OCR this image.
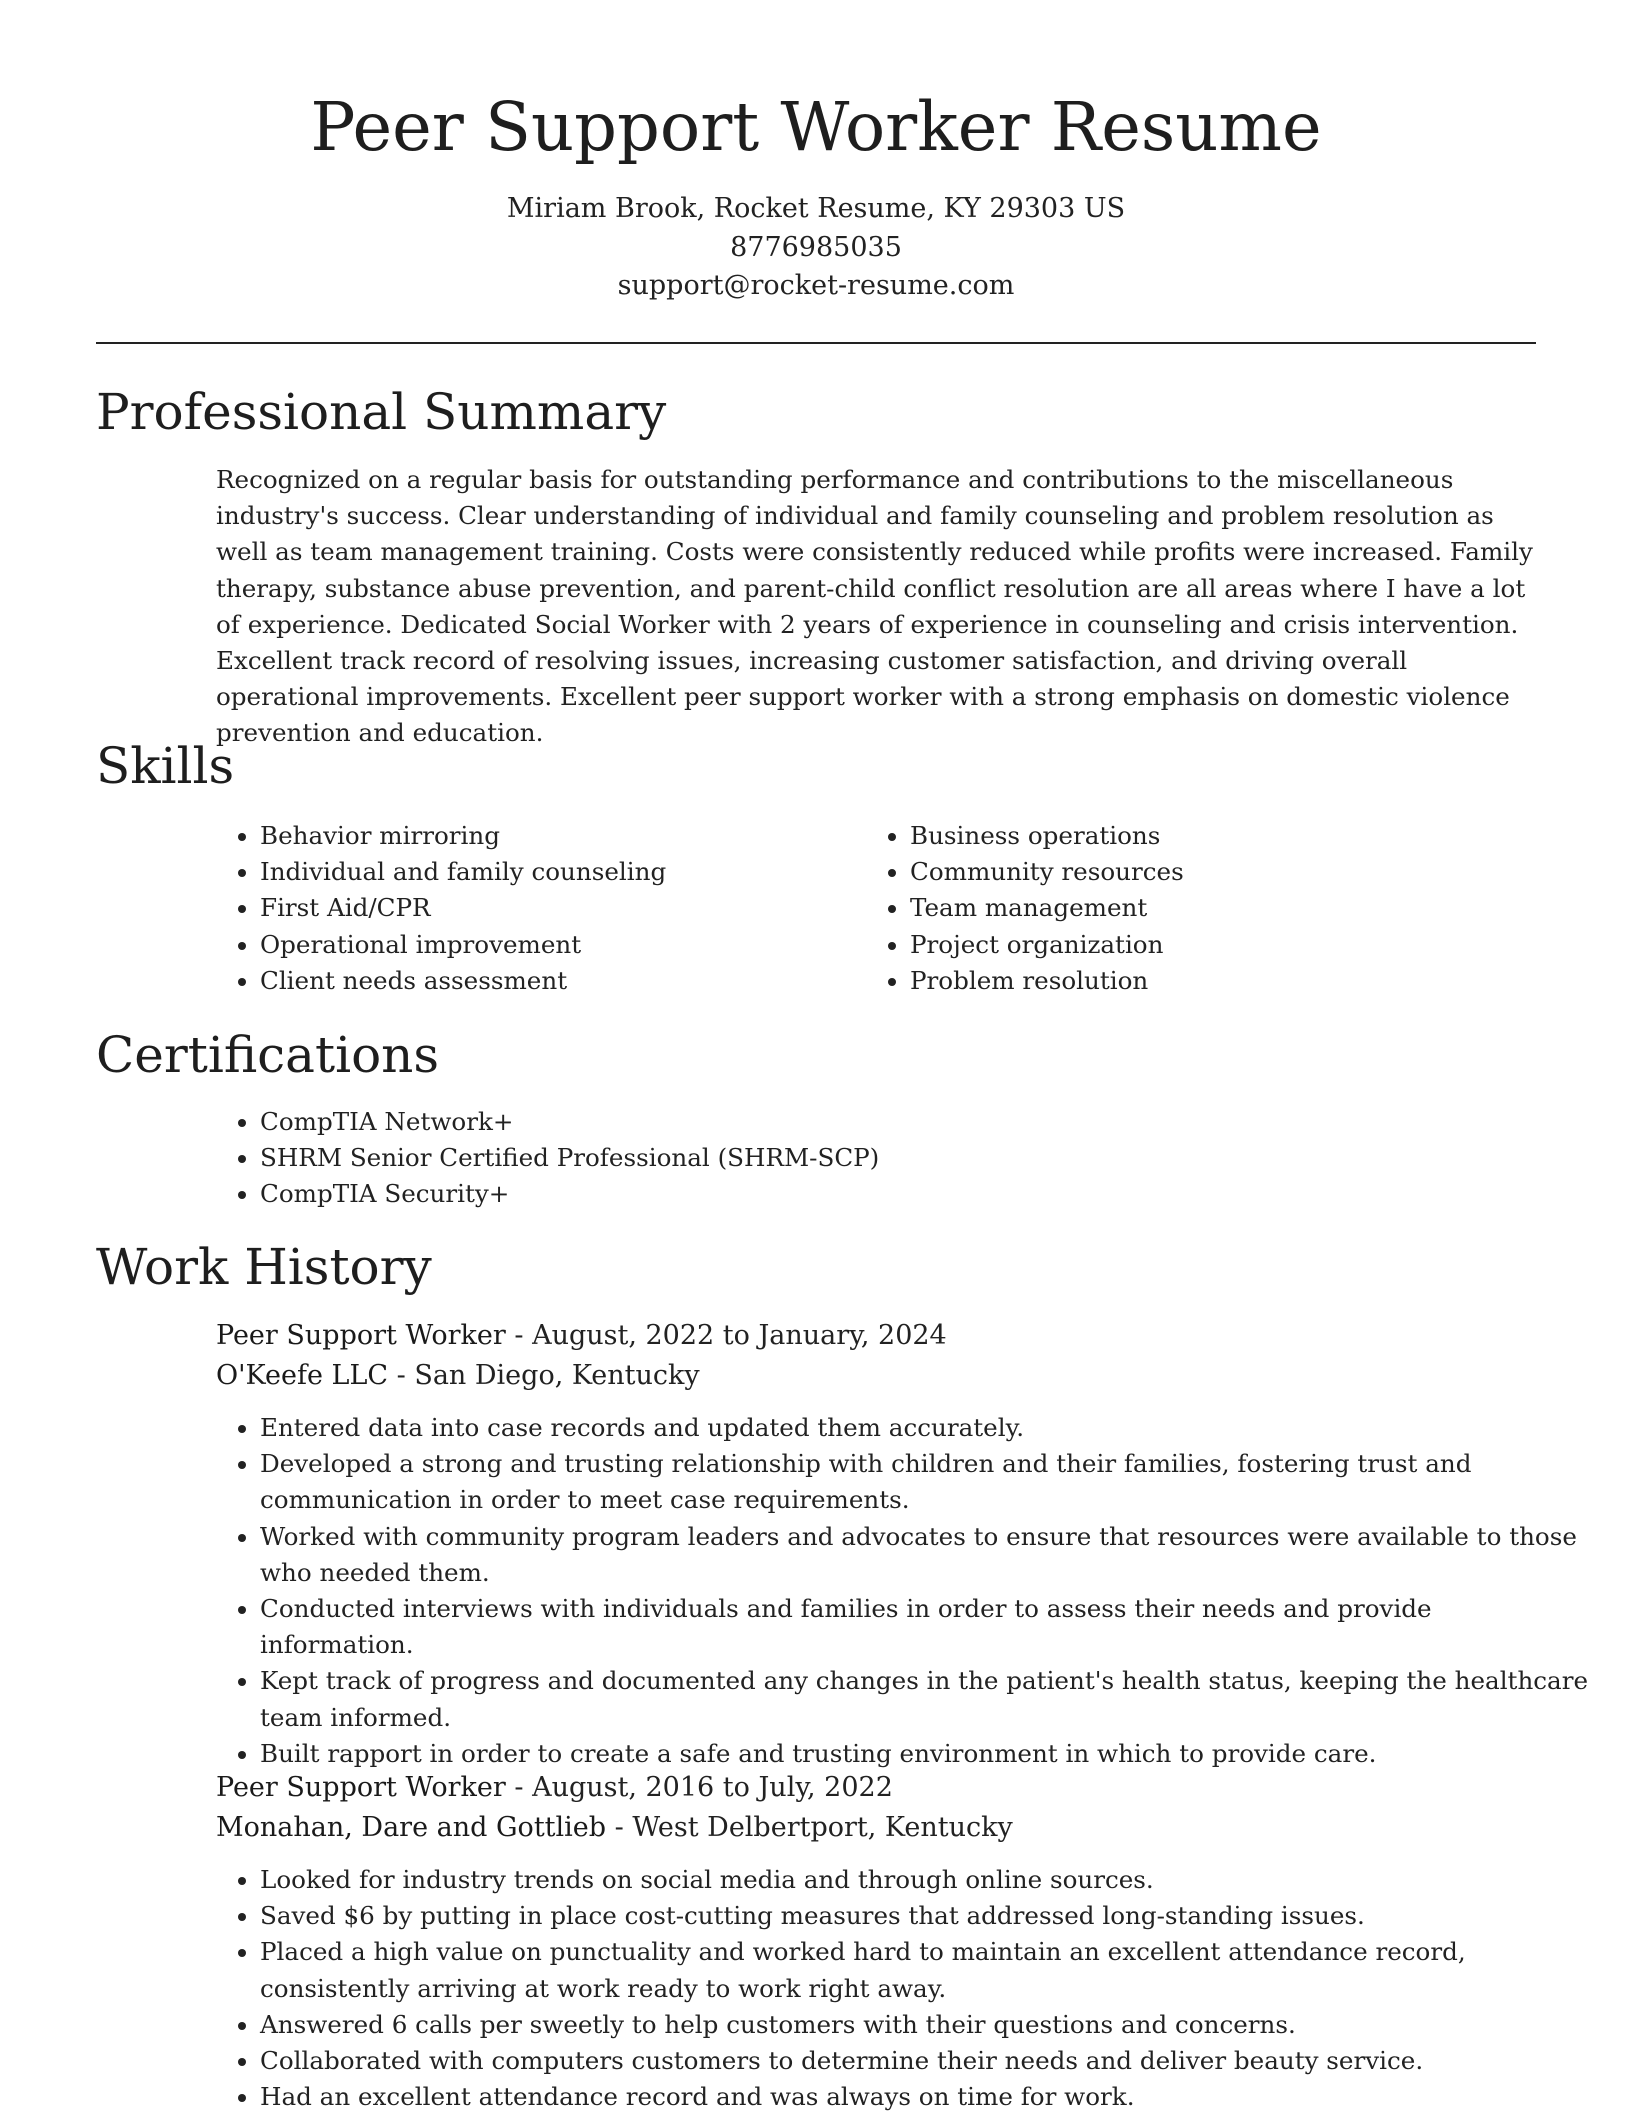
Peer Support Worker Resume
Miriam Brook, Rocket Resume, KY 29303 US
8776985035
support@rocket-resume.com
Professional Summary

Recognized on a regular basis for outstanding performance and contributions to the miscellaneous industry's success. Clear understanding of individual and family counseling and problem resolution as well as team management training. Costs were consistently reduced while profits were increased. Family therapy, substance abuse prevention, and parent-child conflict resolution are all areas where I have a lot of experience. Dedicated Social Worker with 2 years of experience in counseling and crisis intervention. Excellent track record of resolving issues, increasing customer satisfaction, and driving overall operational improvements. Excellent peer support worker with a strong emphasis on domestic violence prevention and education.

Skills
• Behavior mirroring
• Individual and family counseling
• First Aid/CPR
• Operational improvement
• Client needs assessment
• Business operations
• Community resources
• Team management
• Project organization
• Problem resolution
Certifications
• CompTIA Network+
• SHRM Senior Certified Professional (SHRM-SCP)
• CompTIA Security+
Work History
Peer Support Worker - August, 2022 to January, 2024
O'Keefe LLC - San Diego, Kentucky
• Entered data into case records and updated them accurately.
• Developed a strong and trusting relationship with children and their families, fostering trust and communication in order to meet case requirements.
• Worked with community program leaders and advocates to ensure that resources were available to those who needed them.
• Conducted interviews with individuals and families in order to assess their needs and provide information.
• Kept track of progress and documented any changes in the patient's health status, keeping the healthcare team informed.
• Built rapport in order to create a safe and trusting environment in which to provide care.
Peer Support Worker - August, 2016 to July, 2022
Monahan, Dare and Gottlieb - West Delbertport, Kentucky
• Looked for industry trends on social media and through online sources.
• Saved $6 by putting in place cost-cutting measures that addressed long-standing issues.
• Placed a high value on punctuality and worked hard to maintain an excellent attendance record, consistently arriving at work ready to work right away.
• Answered 6 calls per sweetly to help customers with their questions and concerns.
• Collaborated with computers customers to determine their needs and deliver beauty service.
• Had an excellent attendance record and was always on time for work.
